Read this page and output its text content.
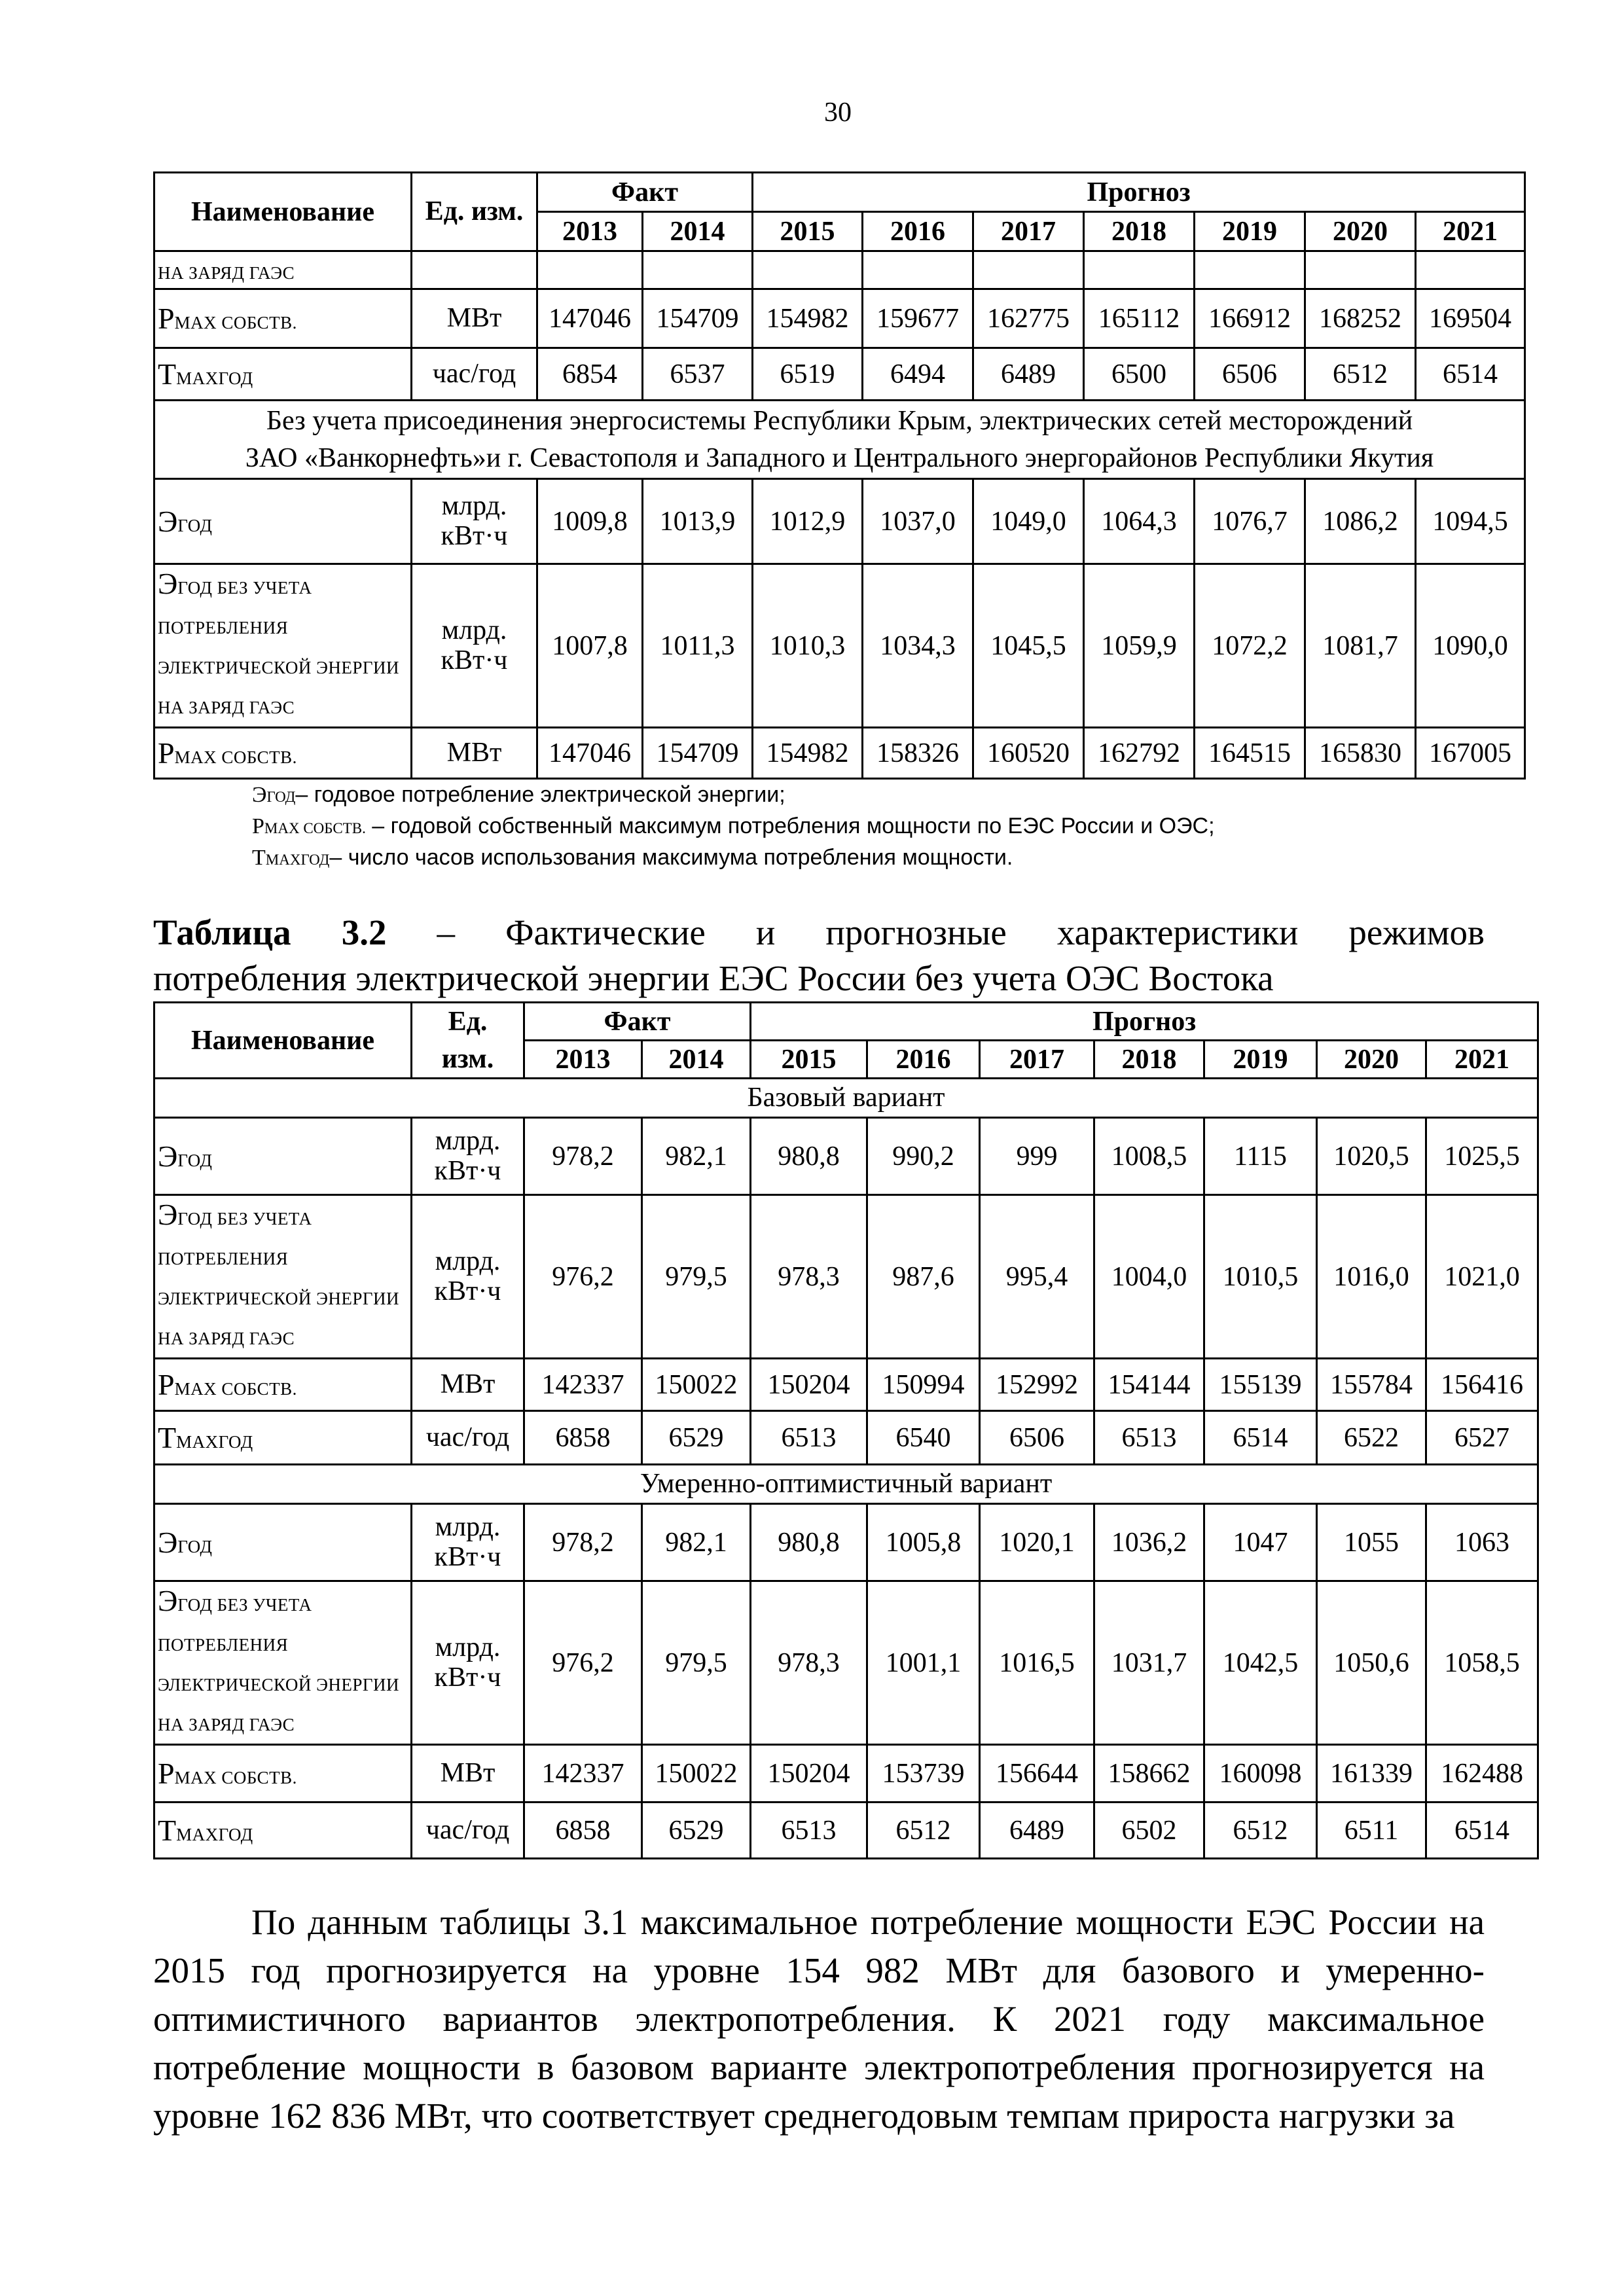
30
Наименование	Ед. изм.	Факт		Прогноз						
		2013	2014	2015	2016	2017	2018	2019	2020	2021
НА ЗАРЯД ГАЭС										
PMAX СОБСТВ.	МВт	147046	154709	154982	159677	162775	165112	166912	168252	169504
TMAXГОД	час/год	6854	6537	6519	6494	6489	6500	6506	6512	6514

Без учета присоединения энергосистемы Республики Крым, электрических сетей месторождений
ЗАО «Ванкорнефть»и г. Севастополя и Западного и Центрального энергорайонов Республики Якутия										

ЭГОД	млрд. кВт·ч	1009,8	1013,9	1012,9	1037,0	1049,0	1064,3	1076,7	1086,2	1094,5
ЭГОД БЕЗ УЧЕТА ПОТРЕБЛЕНИЯ ЭЛЕКТРИЧЕСКОЙ ЭНЕРГИИ НА ЗАРЯД ГАЭС	млрд. кВт·ч	1007,8	1011,3	1010,3	1034,3	1045,5	1059,9	1072,2	1081,7	1090,0
PMAX СОБСТВ.	МВт	147046	154709	154982	158326	160520	162792	164515	165830	167005
ЭГОД– годовое потребление электрической энергии;
PMAX СОБСТВ. – годовой собственный максимум потребления мощности по ЕЭС России и ОЭС;
TMAXГОД– число часов использования максимума потребления мощности.
Таблица 3.2 – Фактические и прогнозные характеристики режимов
потребления электрической энергии ЕЭС России без учета ОЭС Востока
Наименование	Ед.	Факт		Прогноз						
	изм.	2013	2014	2015	2016	2017	2018	2019	2020	2021

Базовый вариант										

ЭГОД	млрд. кВт·ч	978,2	982,1	980,8	990,2	999	1008,5	1115	1020,5	1025,5
ЭГОД БЕЗ УЧЕТА ПОТРЕБЛЕНИЯ ЭЛЕКТРИЧЕСКОЙ ЭНЕРГИИ НА ЗАРЯД ГАЭС	млрд. кВт·ч	976,2	979,5	978,3	987,6	995,4	1004,0	1010,5	1016,0	1021,0
PMAX СОБСТВ.	МВт	142337	150022	150204	150994	152992	154144	155139	155784	156416
TMAXГОД	час/год	6858	6529	6513	6540	6506	6513	6514	6522	6527

Умеренно-оптимистичный вариант										

ЭГОД	млрд. кВт·ч	978,2	982,1	980,8	1005,8	1020,1	1036,2	1047	1055	1063
ЭГОД БЕЗ УЧЕТА ПОТРЕБЛЕНИЯ ЭЛЕКТРИЧЕСКОЙ ЭНЕРГИИ НА ЗАРЯД ГАЭС	млрд. кВт·ч	976,2	979,5	978,3	1001,1	1016,5	1031,7	1042,5	1050,6	1058,5
PMAX СОБСТВ.	МВт	142337	150022	150204	153739	156644	158662	160098	161339	162488
TMAXГОД	час/год	6858	6529	6513	6512	6489	6502	6512	6511	6514
По данным таблицы 3.1 максимальное потребление мощности ЕЭС России на 2015 год прогнозируется на уровне 154 982 МВт для базового и умеренно-оптимистичного вариантов электропотребления. К 2021 году максимальное потребление мощности в базовом варианте электропотребления прогнозируется на уровне 162 836 МВт, что соответствует среднегодовым темпам прироста нагрузки за
